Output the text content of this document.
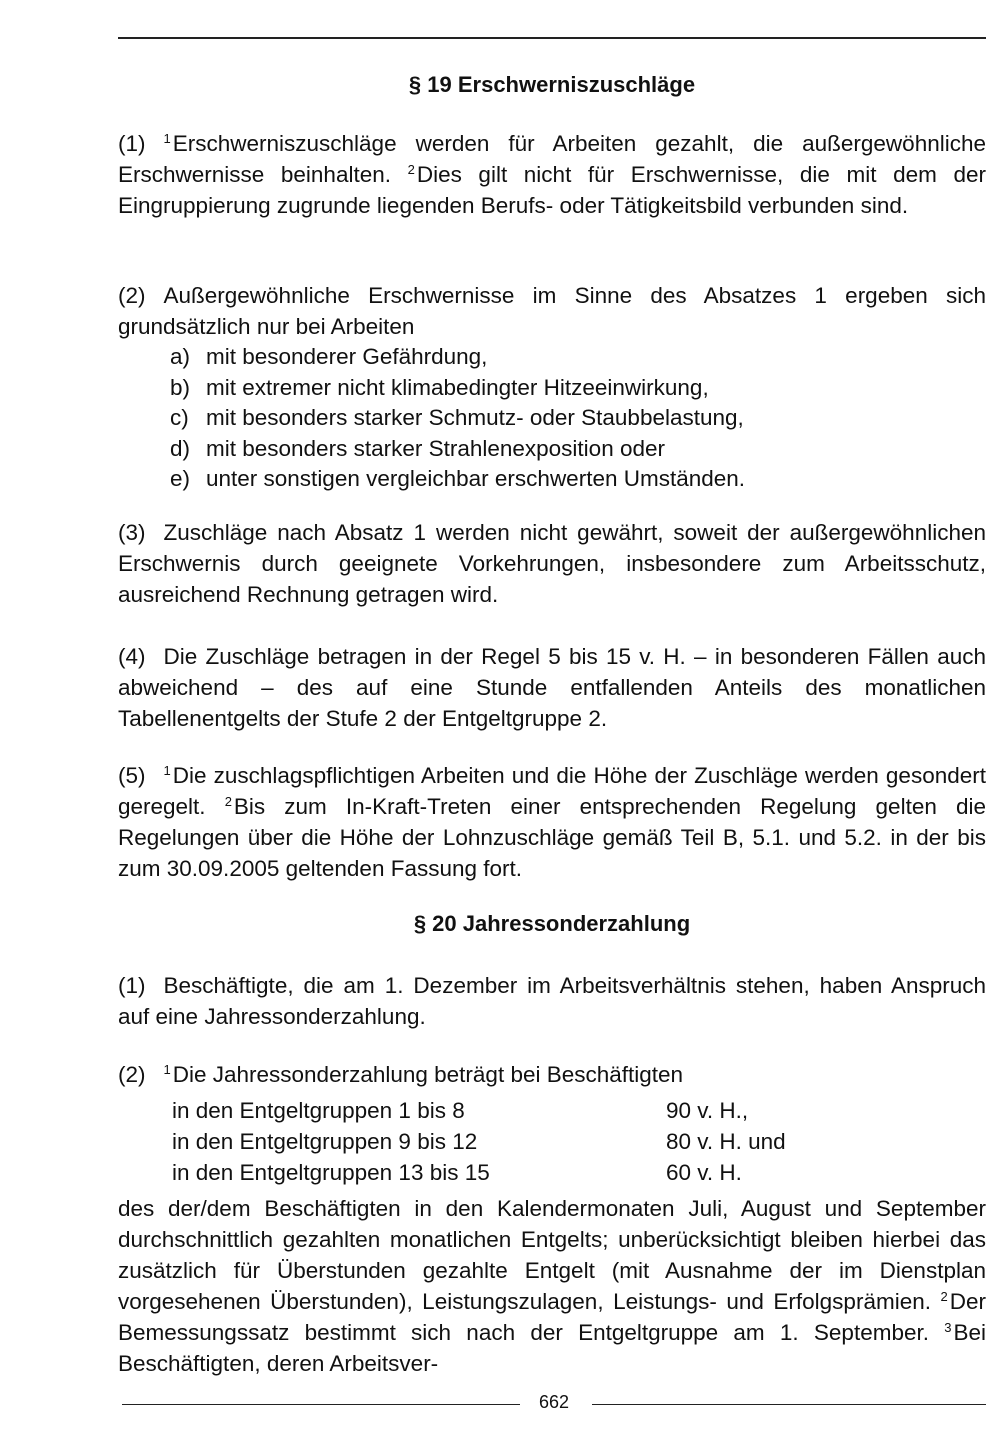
§ 19 Erschwerniszuschläge

(1) $^1$Erschwerniszuschläge werden für Arbeiten gezahlt, die außergewöhnliche Erschwernisse beinhalten. $^2$Dies gilt nicht für Erschwernisse, die mit dem der Eingruppierung zugrunde liegenden Berufs- oder Tätigkeitsbild verbunden sind.

(2) Außergewöhnliche Erschwernisse im Sinne des Absatzes 1 ergeben sich grundsätzlich nur bei Arbeiten

a) mit besonderer Gefährdung,
b) mit extremer nicht klimabedingter Hitzeeinwirkung,
c) mit besonders starker Schmutz- oder Staubbelastung,
d) mit besonders starker Strahlenexposition oder
e) unter sonstigen vergleichbar erschwerten Umständen.

(3) Zuschläge nach Absatz 1 werden nicht gewährt, soweit der außergewöhnlichen Erschwernis durch geeignete Vorkehrungen, insbesondere zum Arbeitsschutz, ausreichend Rechnung getragen wird.

(4) Die Zuschläge betragen in der Regel 5 bis 15 v. H. – in besonderen Fällen auch abweichend – des auf eine Stunde entfallenden Anteils des monatlichen Tabellenentgelts der Stufe 2 der Entgeltgruppe 2.

(5) $^1$Die zuschlagspflichtigen Arbeiten und die Höhe der Zuschläge werden gesondert geregelt. $^2$Bis zum In-Kraft-Treten einer entsprechenden Regelung gelten die Regelungen über die Höhe der Lohnzuschläge gemäß Teil B, 5.1. und 5.2. in der bis zum 30.09.2005 geltenden Fassung fort.

§ 20 Jahressonderzahlung

(1) Beschäftigte, die am 1. Dezember im Arbeitsverhältnis stehen, haben Anspruch auf eine Jahressonderzahlung.

(2) $^1$Die Jahressonderzahlung beträgt bei Beschäftigten

in den Entgeltgruppen 1 bis 8	90 v. H.,
in den Entgeltgruppen 9 bis 12	80 v. H. und
in den Entgeltgruppen 13 bis 15	60 v. H.

des der/dem Beschäftigten in den Kalendermonaten Juli, August und September durchschnittlich gezahlten monatlichen Entgelts; unberücksichtigt bleiben hierbei das zusätzlich für Überstunden gezahlte Entgelt (mit Ausnahme der im Dienstplan vorgesehenen Überstunden), Leistungszulagen, Leistungs- und Erfolgsprämien. $^2$Der Bemessungssatz bestimmt sich nach der Entgeltgruppe am 1. September. $^3$Bei Beschäftigten, deren Arbeitsver-

662
